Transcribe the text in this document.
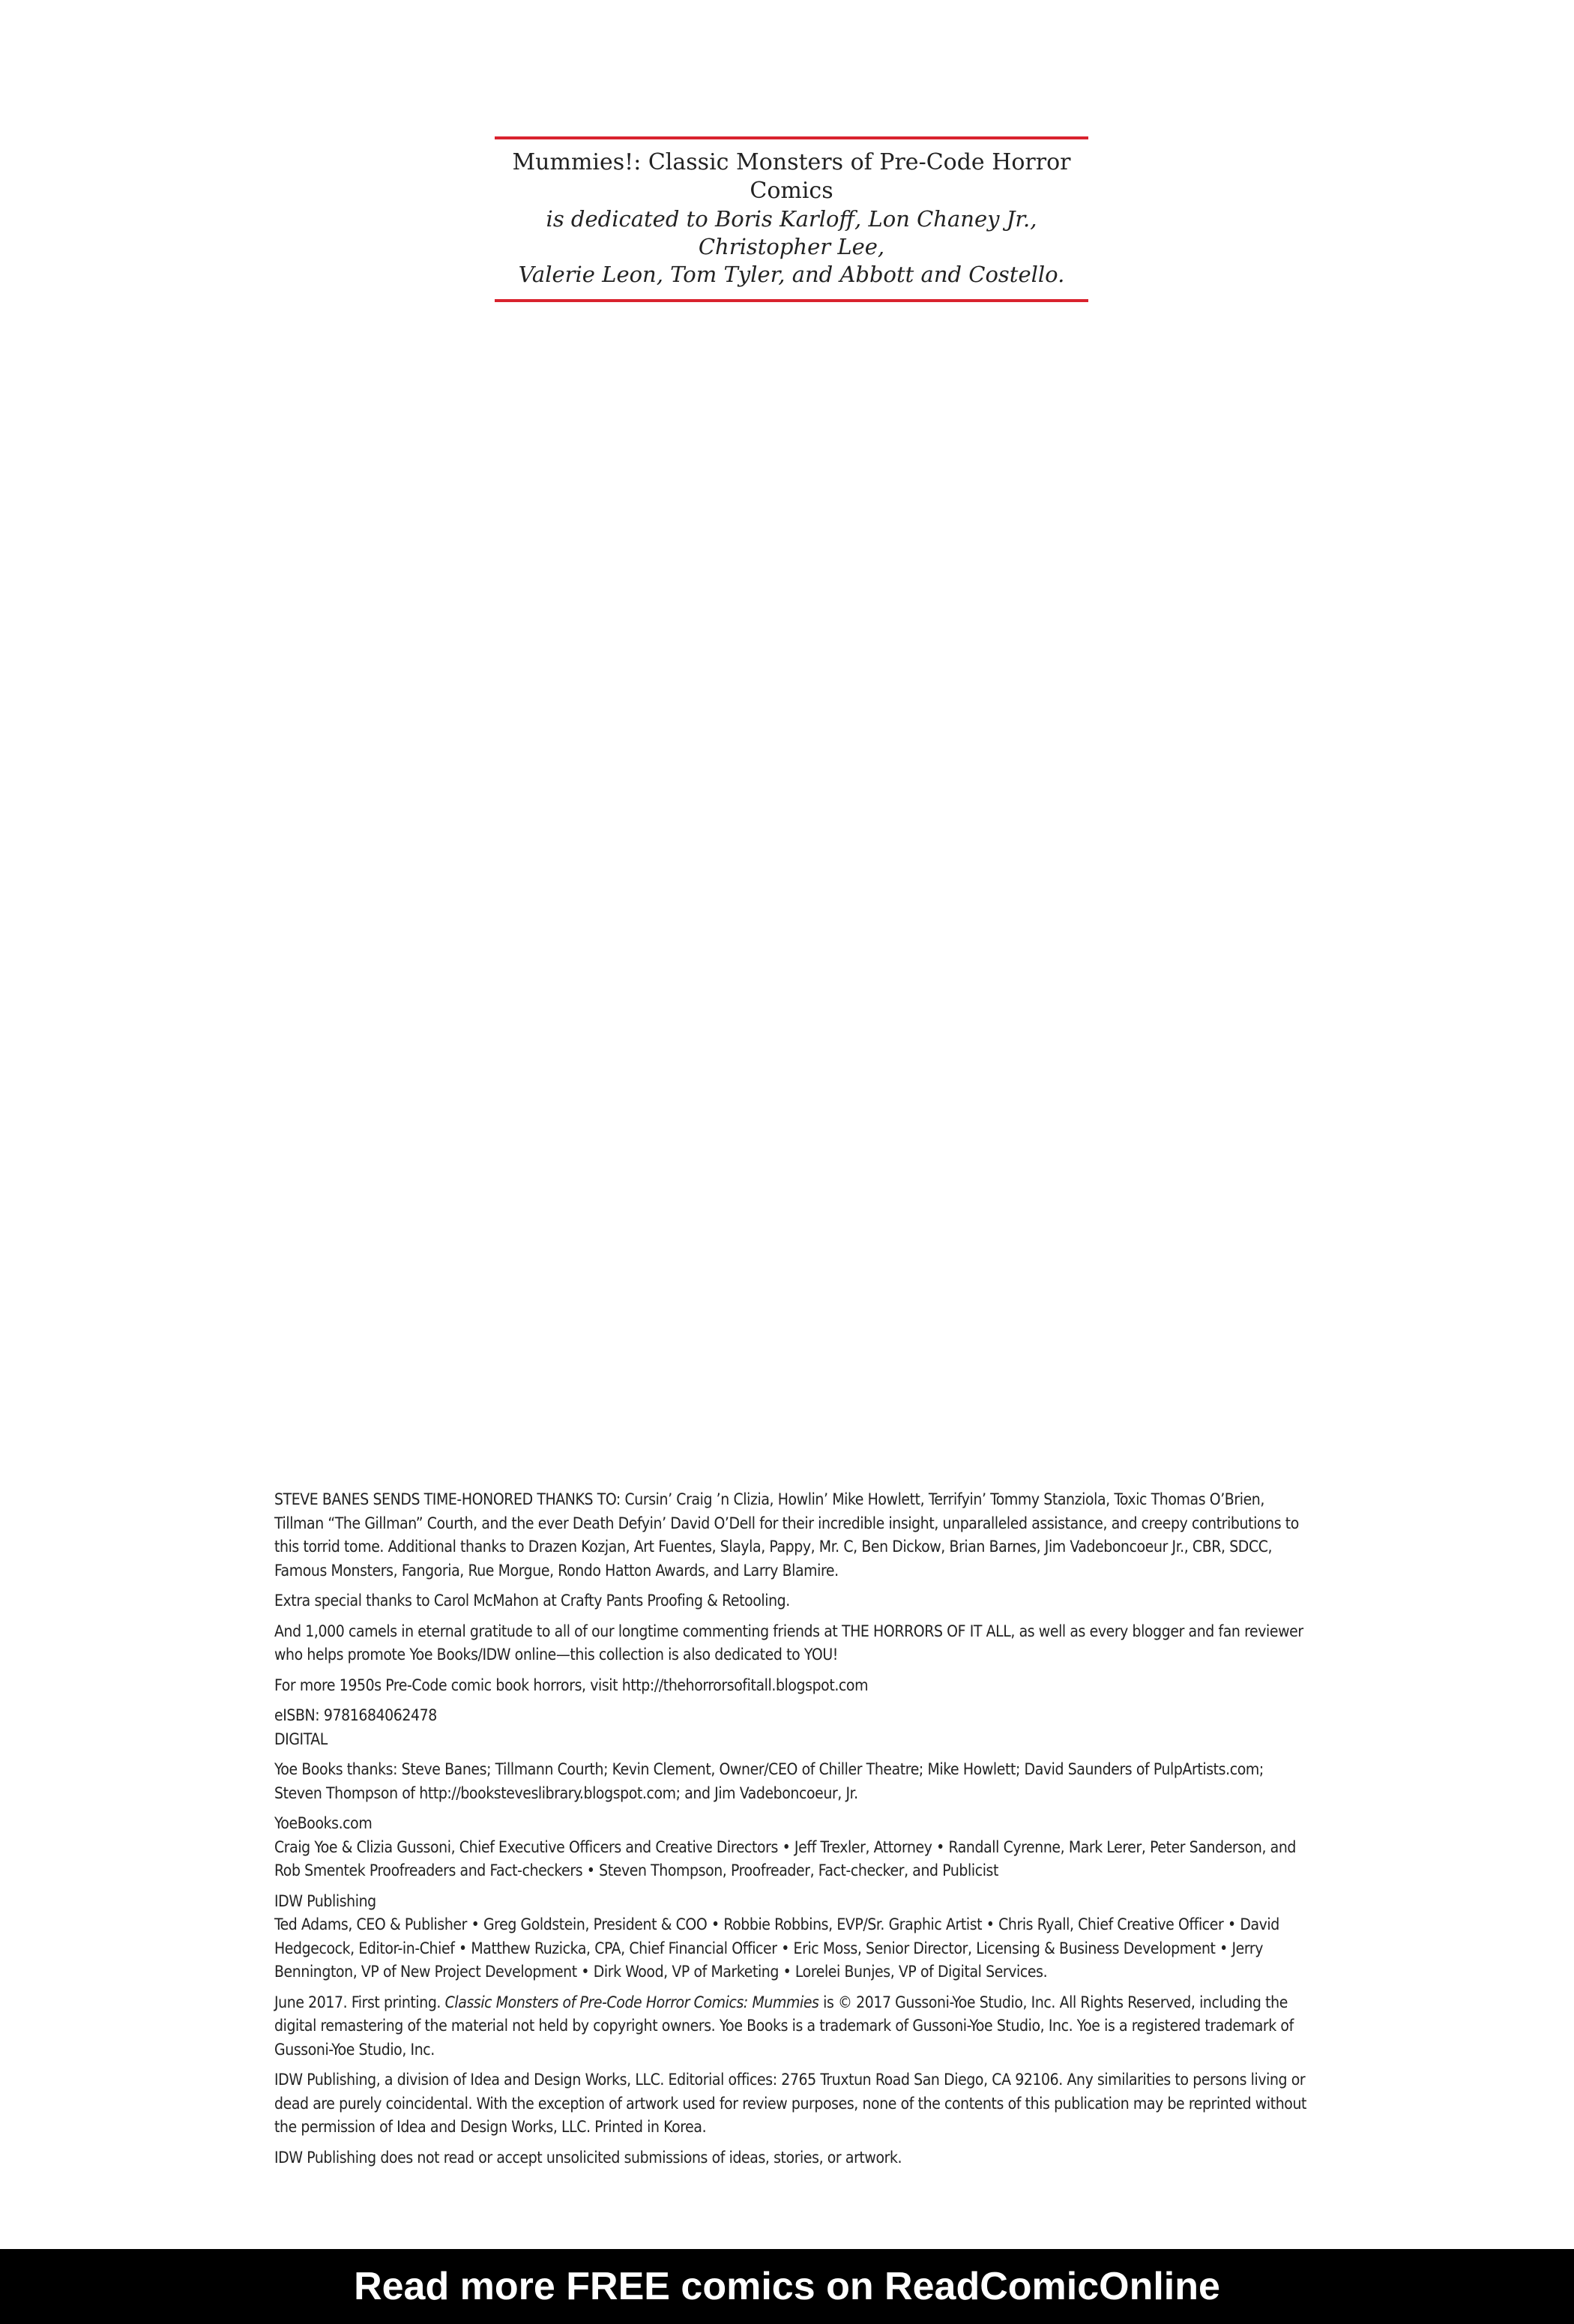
Mummies!: Classic Monsters of Pre-Code Horror Comics
is dedicated to Boris Karloff, Lon Chaney Jr., Christopher Lee,
Valerie Leon, Tom Tyler, and Abbott and Costello.

STEVE BANES SENDS TIME-HONORED THANKS TO: Cursin’ Craig ’n Clizia, Howlin’ Mike Howlett, Terrifyin’ Tommy Stanziola, Toxic Thomas O’Brien, Tillman “The Gillman” Courth, and the ever Death Defyin’ David O’Dell for their incredible insight, unparalleled assistance, and creepy contributions to this torrid tome. Additional thanks to Drazen Kozjan, Art Fuentes, Slayla, Pappy, Mr. C, Ben Dickow, Brian Barnes, Jim Vadeboncoeur Jr., CBR, SDCC, Famous Monsters, Fangoria, Rue Morgue, Rondo Hatton Awards, and Larry Blamire.

Extra special thanks to Carol McMahon at Crafty Pants Proofing & Retooling.

And 1,000 camels in eternal gratitude to all of our longtime commenting friends at THE HORRORS OF IT ALL, as well as every blogger and fan reviewer who helps promote Yoe Books/IDW online—this collection is also dedicated to YOU!

For more 1950s Pre-Code comic book horrors, visit http://thehorrorsofitall.blogspot.com

eISBN: 9781684062478
DIGITAL

Yoe Books thanks: Steve Banes; Tillmann Courth; Kevin Clement, Owner/CEO of Chiller Theatre; Mike Howlett; David Saunders of PulpArtists.com; Steven Thompson of http://booksteveslibrary.blogspot.com; and Jim Vadeboncoeur, Jr.

YoeBooks.com
Craig Yoe & Clizia Gussoni, Chief Executive Officers and Creative Directors • Jeff Trexler, Attorney • Randall Cyrenne, Mark Lerer, Peter Sanderson, and Rob Smentek Proofreaders and Fact-checkers • Steven Thompson, Proofreader, Fact-checker, and Publicist

IDW Publishing
Ted Adams, CEO & Publisher • Greg Goldstein, President & COO • Robbie Robbins, EVP/Sr. Graphic Artist • Chris Ryall, Chief Creative Officer • David Hedgecock, Editor-in-Chief • Matthew Ruzicka, CPA, Chief Financial Officer • Eric Moss, Senior Director, Licensing & Business Development • Jerry Bennington, VP of New Project Development • Dirk Wood, VP of Marketing • Lorelei Bunjes, VP of Digital Services.

June 2017. First printing. Classic Monsters of Pre-Code Horror Comics: Mummies is © 2017 Gussoni-Yoe Studio, Inc. All Rights Reserved, including the digital remastering of the material not held by copyright owners. Yoe Books is a trademark of Gussoni-Yoe Studio, Inc. Yoe is a registered trademark of Gussoni-Yoe Studio, Inc.

IDW Publishing, a division of Idea and Design Works, LLC. Editorial offices: 2765 Truxtun Road San Diego, CA 92106. Any similarities to persons living or dead are purely coincidental. With the exception of artwork used for review purposes, none of the contents of this publication may be reprinted without the permission of Idea and Design Works, LLC. Printed in Korea.

IDW Publishing does not read or accept unsolicited submissions of ideas, stories, or artwork.

Read more FREE comics on ReadComicOnline
